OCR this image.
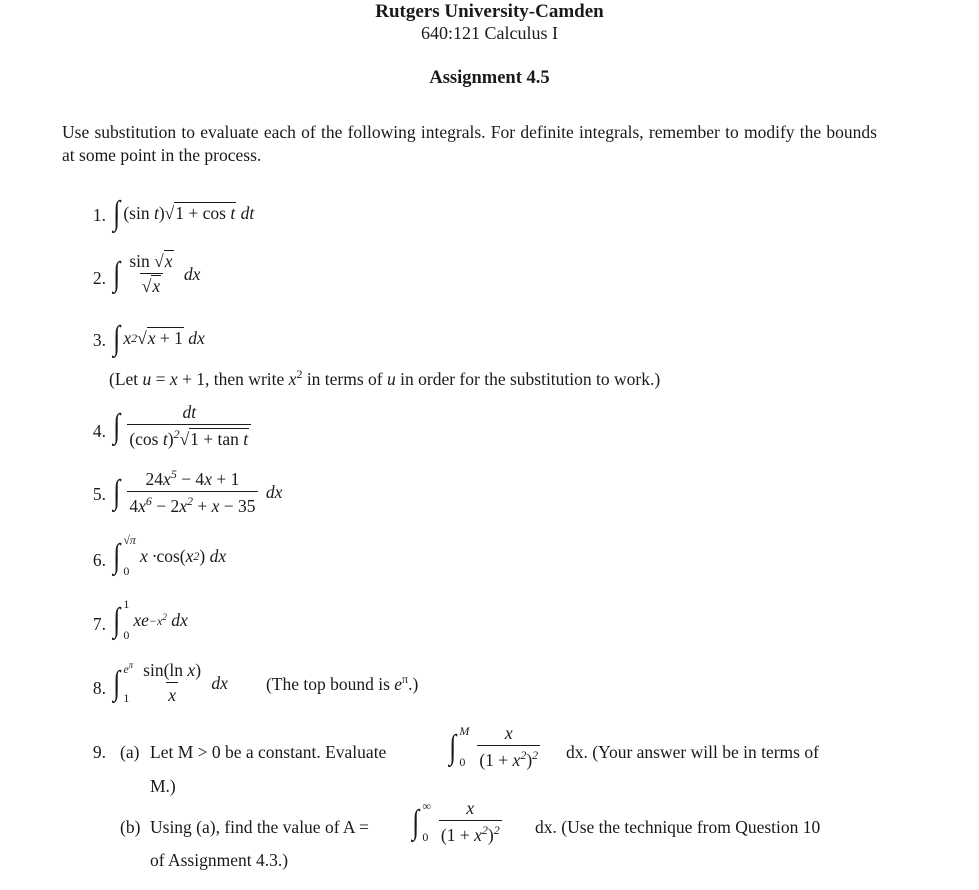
Rutgers University-Camden
640:121 Calculus I
Assignment 4.5
Use substitution to evaluate each of the following integrals. For definite integrals, remember to modify the bounds at some point in the process.
1. ∫ (sin t ) √ 1 + cos t dt
2. ∫ $\frac{\sin √x}{√x}$ dx
3. ∫ x 2 √ x + 1 dx
(Let u = x + 1, then write $x^2$ in terms of u in order for the substitution to work.)
4. ∫ $\frac{dt}{(\cos t)^2√1 + \tan t}$
5. ∫ $\frac{24x^5 - 4x + 1}{4x^6 - 2x^2 + x - 35}$ dx
6. ∫ √π
0
x · cos( x 2 ) dx
7. ∫ 1
0
xe $-x^2$ dx
8. ∫ $e^\pi$
$1 \frac{\text{sin(ln x)}}{x}$ dx (The top bound is $e^\pi$.)
9. (a) Let M > 0 be a constant. Evaluate ∫ M
$0 \frac{x}{(1 + x^2)^2}$ dx. (Your answer will be in terms of
M.)
(b) Using (a), find the value of A = ∫ ∞
$0 \frac{x}{(1 + x^2)^2}$ dx. (Use the technique from Question 10
of Assignment 4.3.)
